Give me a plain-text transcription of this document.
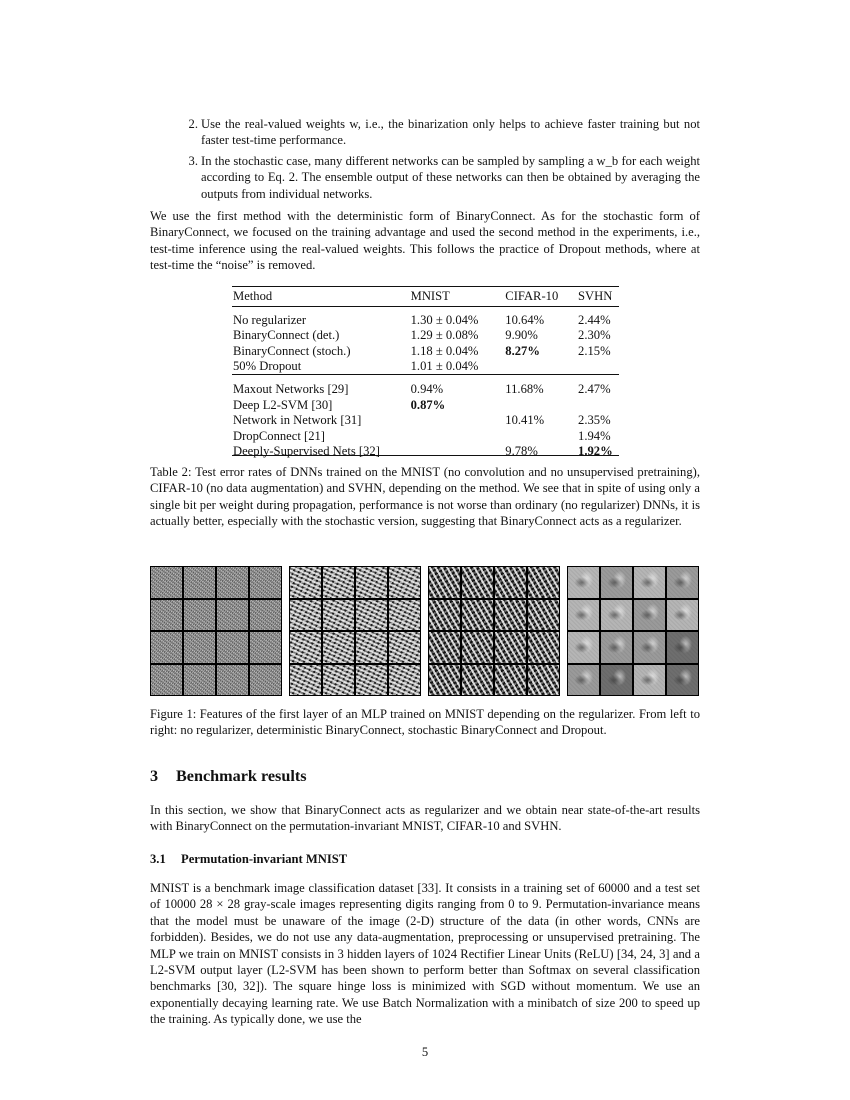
2. Use the real-valued weights w, i.e., the binarization only helps to achieve faster training but not faster test-time performance.
3. In the stochastic case, many different networks can be sampled by sampling a w_b for each weight according to Eq. 2. The ensemble output of these networks can then be obtained by averaging the outputs from individual networks.

We use the first method with the deterministic form of BinaryConnect. As for the stochastic form of BinaryConnect, we focused on the training advantage and used the second method in the experiments, i.e., test-time inference using the real-valued weights. This follows the practice of Dropout methods, where at test-time the “noise” is removed.

Method	MNIST	CIFAR-10	SVHN

No regularizer	1.30 ± 0.04%	10.64%	2.44%
BinaryConnect (det.)	1.29 ± 0.08%	9.90%	2.30%
BinaryConnect (stoch.)	1.18 ± 0.04%	8.27%	2.15%
50% Dropout	1.01 ± 0.04%		

Maxout Networks [29]	0.94%	11.68%	2.47%
Deep L2-SVM [30]	0.87%		
Network in Network [31]		10.41%	2.35%
DropConnect [21]			1.94%
Deeply-Supervised Nets [32]		9.78%	1.92%

Table 2: Test error rates of DNNs trained on the MNIST (no convolution and no unsupervised pretraining), CIFAR-10 (no data augmentation) and SVHN, depending on the method. We see that in spite of using only a single bit per weight during propagation, performance is not worse than ordinary (no regularizer) DNNs, it is actually better, especially with the stochastic version, suggesting that BinaryConnect acts as a regularizer.

Figure 1: Features of the first layer of an MLP trained on MNIST depending on the regularizer. From left to right: no regularizer, deterministic BinaryConnect, stochastic BinaryConnect and Dropout.

3 Benchmark results

In this section, we show that BinaryConnect acts as regularizer and we obtain near state-of-the-art results with BinaryConnect on the permutation-invariant MNIST, CIFAR-10 and SVHN.

3.1 Permutation-invariant MNIST

MNIST is a benchmark image classification dataset [33]. It consists in a training set of 60000 and a test set of 10000 28 × 28 gray-scale images representing digits ranging from 0 to 9. Permutation-invariance means that the model must be unaware of the image (2-D) structure of the data (in other words, CNNs are forbidden). Besides, we do not use any data-augmentation, preprocessing or unsupervised pretraining. The MLP we train on MNIST consists in 3 hidden layers of 1024 Rectifier Linear Units (ReLU) [34, 24, 3] and a L2-SVM output layer (L2-SVM has been shown to perform better than Softmax on several classification benchmarks [30, 32]). The square hinge loss is minimized with SGD without momentum. We use an exponentially decaying learning rate. We use Batch Normalization with a minibatch of size 200 to speed up the training. As typically done, we use the

5
